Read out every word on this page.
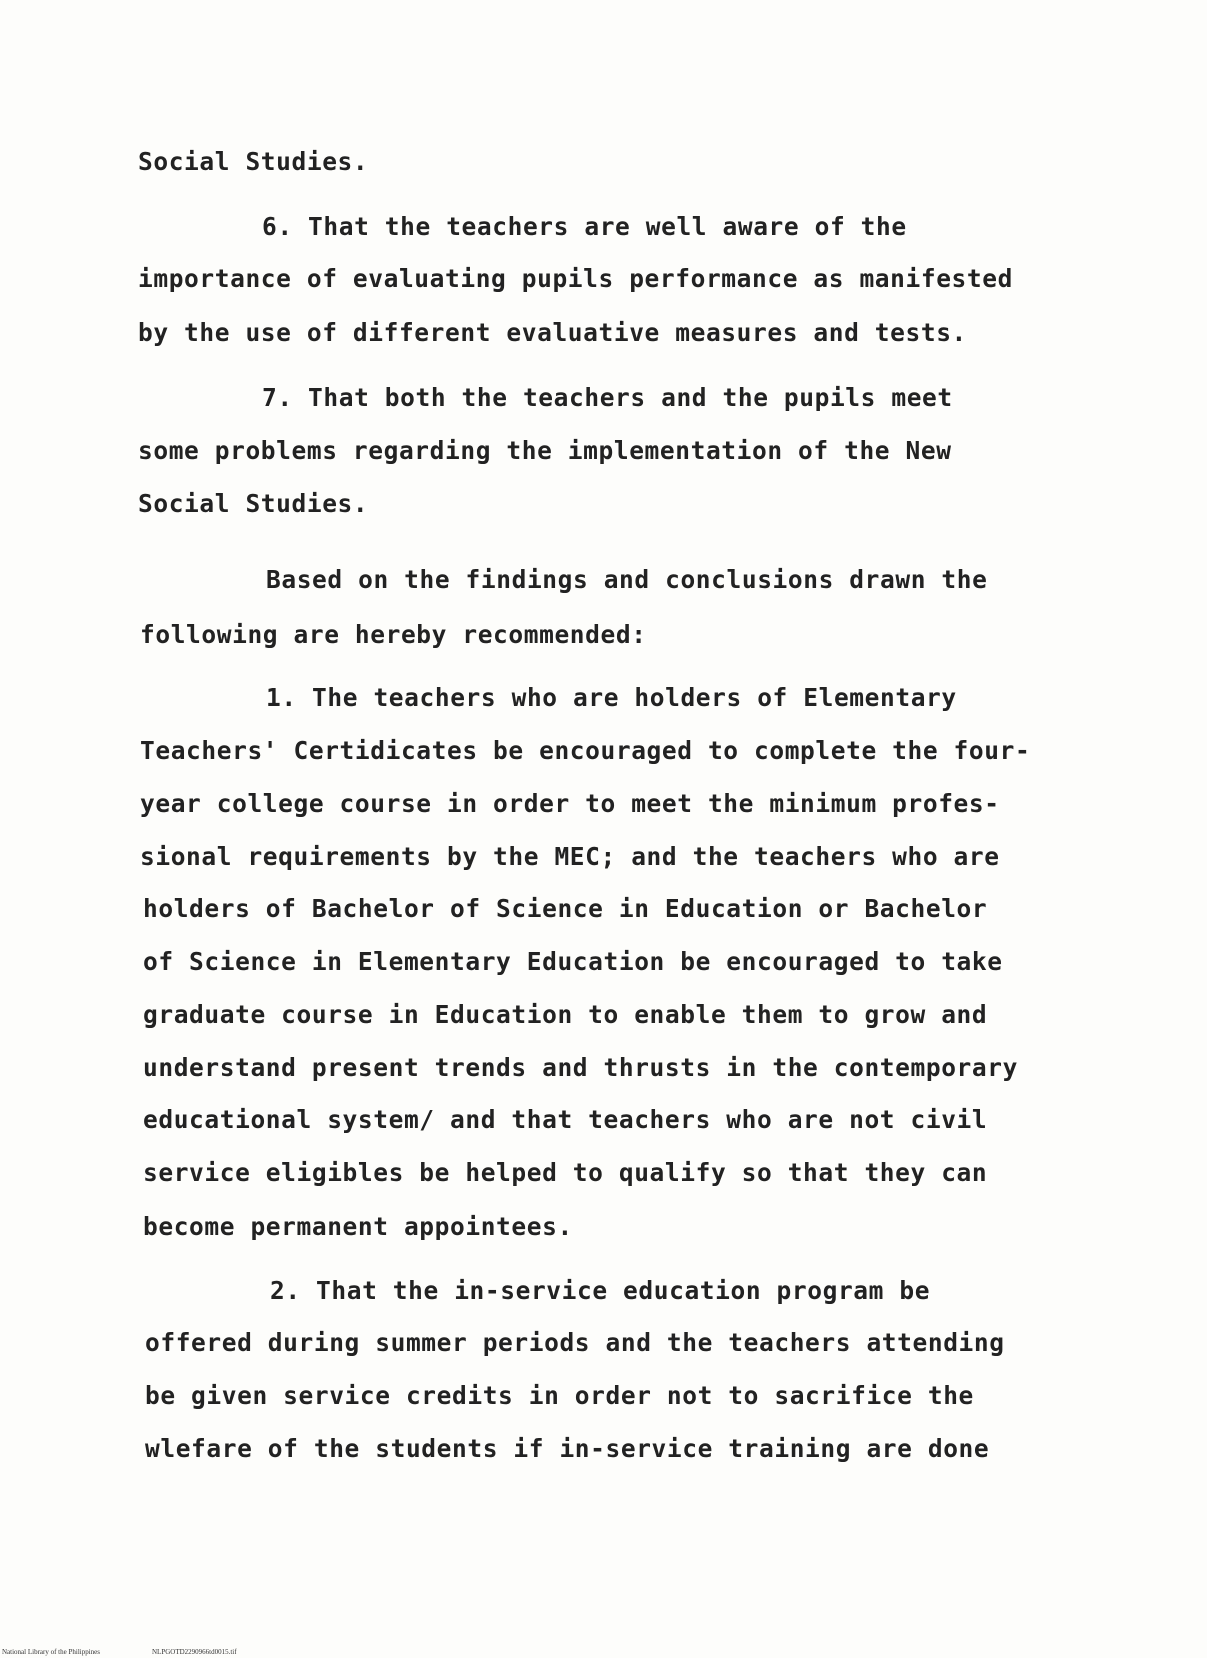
Social Studies.
6. That the teachers are well aware of the
importance of evaluating pupils performance as manifested
by the use of different evaluative measures and tests.
7. That both the teachers and the pupils meet
some problems regarding the implementation of the New
Social Studies.
Based on the findings and conclusions drawn the
following are hereby recommended:
1. The teachers who are holders of Elementary
Teachers' Certidicates be encouraged to complete the four-
year college course in order to meet the minimum profes-
sional requirements by the MEC; and the teachers who are
holders of Bachelor of Science in Education or Bachelor
of Science in Elementary Education be encouraged to take
graduate course in Education to enable them to grow and
understand present trends and thrusts in the contemporary
educational system/ and that teachers who are not civil
service eligibles be helped to qualify so that they can
become permanent appointees.
2. That the in-service education program be
offered during summer periods and the teachers attending
be given service credits in order not to sacrifice the
wlefare of the students if in-service training are done
National Library of the Philippines	NLPGOTD2290966td0015.tif
